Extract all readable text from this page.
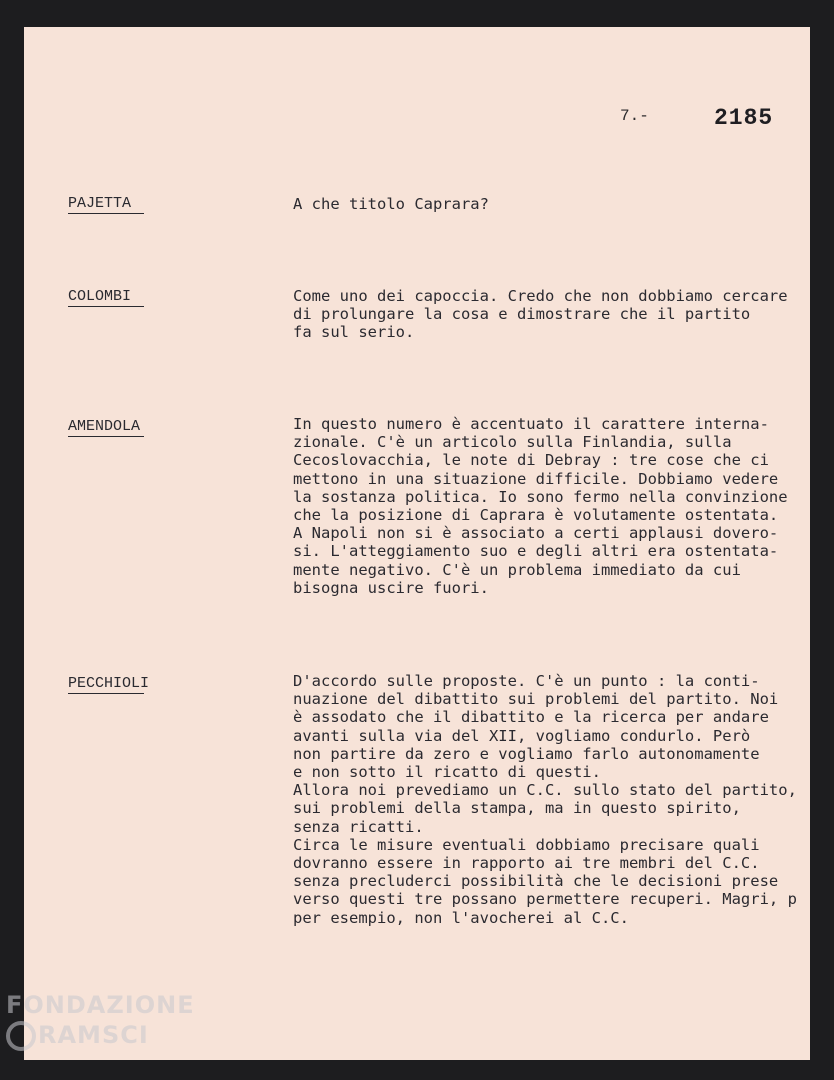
7.-	2185
PAJETTA	A che titolo Caprara?
COLOMBI	Come uno dei capoccia. Credo che non dobbiamo cercare
di prolungare la cosa e dimostrare che il partito
fa sul serio.
AMENDOLA	In questo numero è accentuato il carattere interna-
zionale. C'è un articolo sulla Finlandia, sulla
Cecoslovacchia, le note di Debray : tre cose che ci
mettono in una situazione difficile. Dobbiamo vedere
la sostanza politica. Io sono fermo nella convinzione
che la posizione di Caprara è volutamente ostentata.
A Napoli non si è associato a certi applausi dovero-
si. L'atteggiamento suo e degli altri era ostentata-
mente negativo. C'è un problema immediato da cui
bisogna uscire fuori.
PECCHIOLI	D'accordo sulle proposte. C'è un punto : la conti-
nuazione del dibattito sui problemi del partito. Noi
è assodato che il dibattito e la ricerca per andare
avanti sulla via del XII, vogliamo condurlo. Però
non partire da zero e vogliamo farlo autonomamente
e non sotto il ricatto di questi.
Allora noi prevediamo un C.C. sullo stato del partito,
sui problemi della stampa, ma in questo spirito,
senza ricatti.
Circa le misure eventuali dobbiamo precisare quali
dovranno essere in rapporto ai tre membri del C.C.
senza precluderci possibilità che le decisioni prese
verso questi tre possano permettere recuperi. Magri, p
per esempio, non l'avocherei al C.C.
FONDAZIONE
RAMSCI
